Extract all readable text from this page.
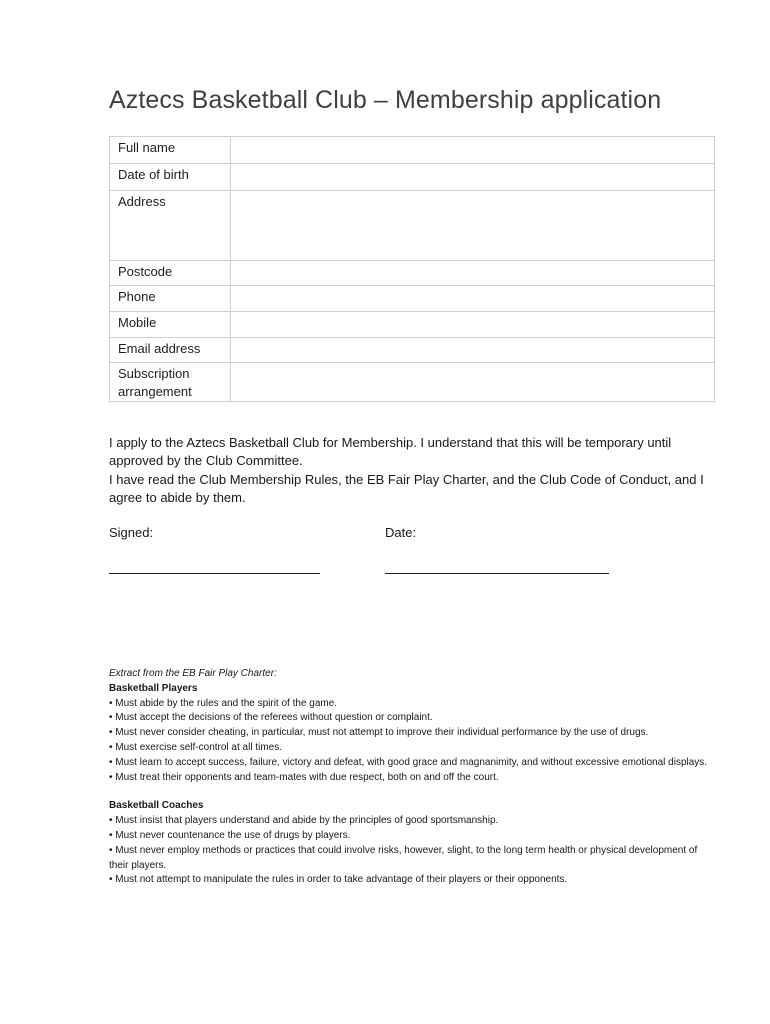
Aztecs Basketball Club – Membership application
Full name	
Date of birth	
Address	
Postcode	
Phone	
Mobile	
Email address	
Subscription arrangement	

I apply to the Aztecs Basketball Club for Membership. I understand that this will be temporary until approved by the Club Committee.

I have read the Club Membership Rules, the EB Fair Play Charter, and the Club Code of Conduct, and I agree to abide by them.

Signed:	Date:
Extract from the EB Fair Play Charter:
Basketball Players
• Must abide by the rules and the spirit of the game.
• Must accept the decisions of the referees without question or complaint.
• Must never consider cheating, in particular, must not attempt to improve their individual performance by the use of drugs.
• Must exercise self-control at all times.
• Must learn to accept success, failure, victory and defeat, with good grace and magnanimity, and without excessive emotional displays.
• Must treat their opponents and team-mates with due respect, both on and off the court.
Basketball Coaches
• Must insist that players understand and abide by the principles of good sportsmanship.
• Must never countenance the use of drugs by players.
• Must never employ methods or practices that could involve risks, however, slight, to the long term health or physical development of their players.
• Must not attempt to manipulate the rules in order to take advantage of their players or their opponents.
